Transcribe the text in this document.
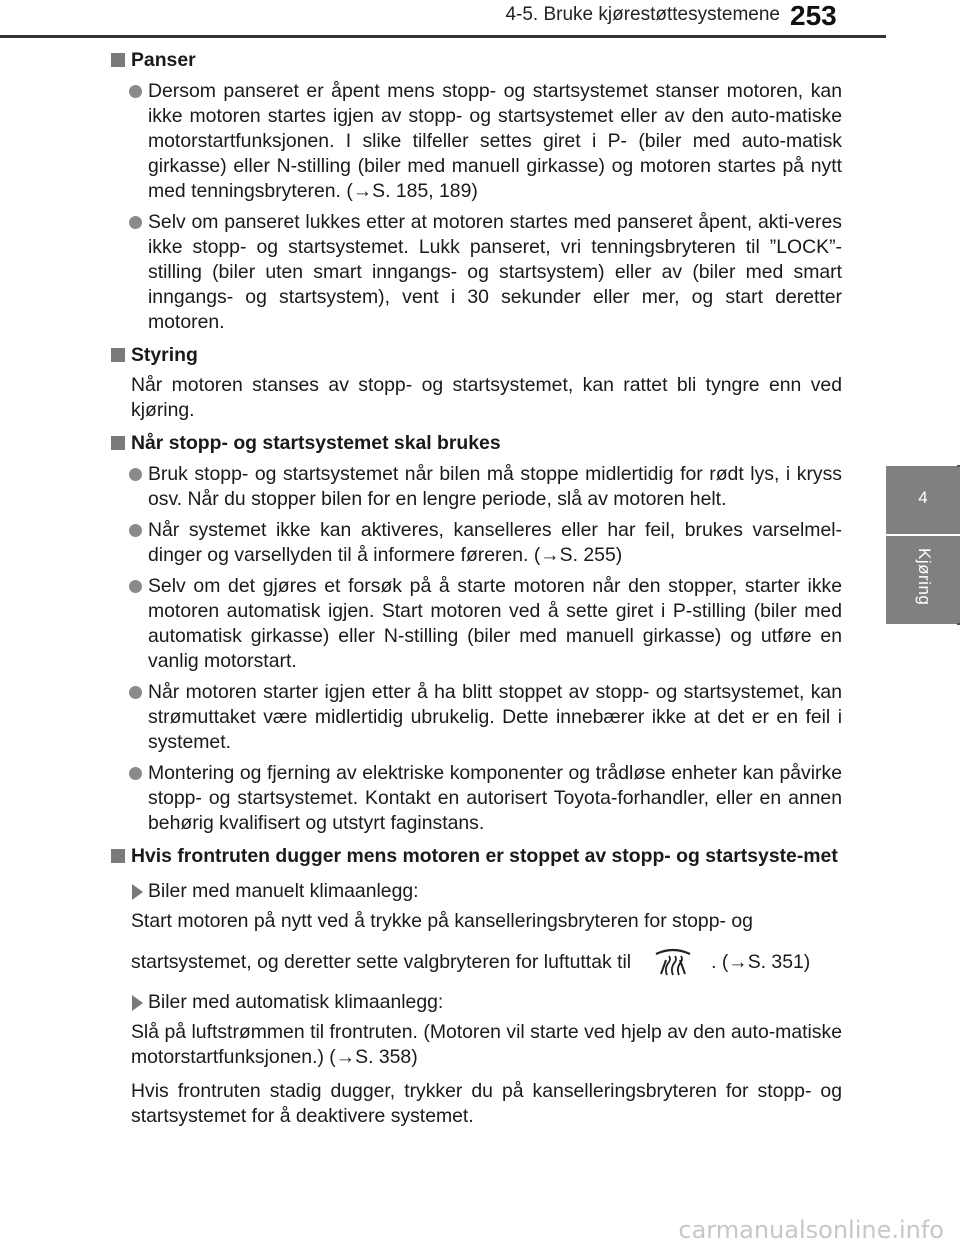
4-5. Bruke kjørestøttesystemene 253
4
Kjøring
Panser
Dersom panseret er åpent mens stopp- og startsystemet stanser motoren, kan ikke motoren startes igjen av stopp- og startsystemet eller av den auto-matiske motorstartfunksjonen. I slike tilfeller settes giret i P- (biler med auto-matisk girkasse) eller N-stilling (biler med manuell girkasse) og motoren startes på nytt med tenningsbryteren. (→S. 185, 189)
Selv om panseret lukkes etter at motoren startes med panseret åpent, akti-veres ikke stopp- og startsystemet. Lukk panseret, vri tenningsbryteren til ”LOCK”-stilling (biler uten smart inngangs- og startsystem) eller av (biler med smart inngangs- og startsystem), vent i 30 sekunder eller mer, og start deretter motoren.
Styring
Når motoren stanses av stopp- og startsystemet, kan rattet bli tyngre enn ved kjøring.
Når stopp- og startsystemet skal brukes
Bruk stopp- og startsystemet når bilen må stoppe midlertidig for rødt lys, i kryss osv. Når du stopper bilen for en lengre periode, slå av motoren helt.
Når systemet ikke kan aktiveres, kanselleres eller har feil, brukes varselmel-dinger og varsellyden til å informere føreren. (→S. 255)
Selv om det gjøres et forsøk på å starte motoren når den stopper, starter ikke motoren automatisk igjen. Start motoren ved å sette giret i P-stilling (biler med automatisk girkasse) eller N-stilling (biler med manuell girkasse) og utføre en vanlig motorstart.
Når motoren starter igjen etter å ha blitt stoppet av stopp- og startsystemet, kan strømuttaket være midlertidig ubrukelig. Dette innebærer ikke at det er en feil i systemet.
Montering og fjerning av elektriske komponenter og trådløse enheter kan påvirke stopp- og startsystemet. Kontakt en autorisert Toyota-forhandler, eller en annen behørig kvalifisert og utstyrt faginstans.
Hvis frontruten dugger mens motoren er stoppet av stopp- og startsyste-met
Biler med manuelt klimaanlegg:
Start motoren på nytt ved å trykke på kanselleringsbryteren for stopp- og
startsystemet, og deretter sette valgbryteren for luftuttak til	. (→S. 351)
Biler med automatisk klimaanlegg:
Slå på luftstrømmen til frontruten. (Motoren vil starte ved hjelp av den auto-matiske motorstartfunksjonen.) (→S. 358)
Hvis frontruten stadig dugger, trykker du på kanselleringsbryteren for stopp- og startsystemet for å deaktivere systemet.
carmanualsonline.info
